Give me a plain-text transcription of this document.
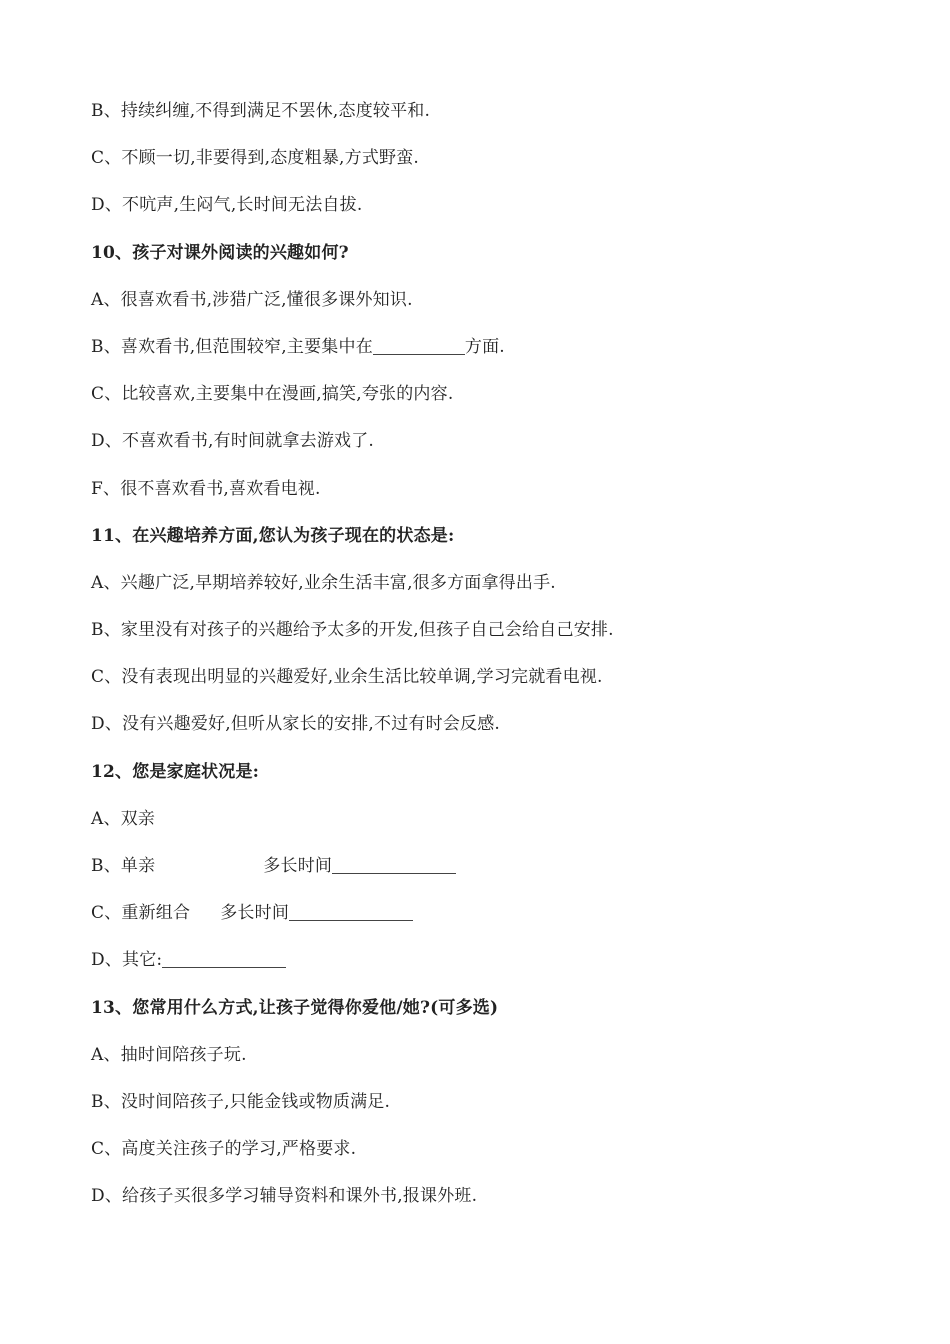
B、持续纠缠,不得到满足不罢休,态度较平和.
C、不顾一切,非要得到,态度粗暴,方式野蛮.
D、不吭声,生闷气,长时间无法自拔.
10、孩子对课外阅读的兴趣如何?
A、很喜欢看书,涉猎广泛,懂很多课外知识.
B、喜欢看书,但范围较窄,主要集中在	方面.
C、比较喜欢,主要集中在漫画,搞笑,夸张的内容.
D、不喜欢看书,有时间就拿去游戏了.
F、很不喜欢看书,喜欢看电视.
11、在兴趣培养方面,您认为孩子现在的状态是:
A、兴趣广泛,早期培养较好,业余生活丰富,很多方面拿得出手.
B、家里没有对孩子的兴趣给予太多的开发,但孩子自己会给自己安排.
C、没有表现出明显的兴趣爱好,业余生活比较单调,学习完就看电视.
D、没有兴趣爱好,但听从家长的安排,不过有时会反感.
12、您是家庭状况是:
A、双亲
B、单亲	多长时间
C、重新组合 多长时间
D、其它:
13、您常用什么方式,让孩子觉得你爱他/她?(可多选)
A、抽时间陪孩子玩.
B、没时间陪孩子,只能金钱或物质满足.
C、高度关注孩子的学习,严格要求.
D、给孩子买很多学习辅导资料和课外书,报课外班.
